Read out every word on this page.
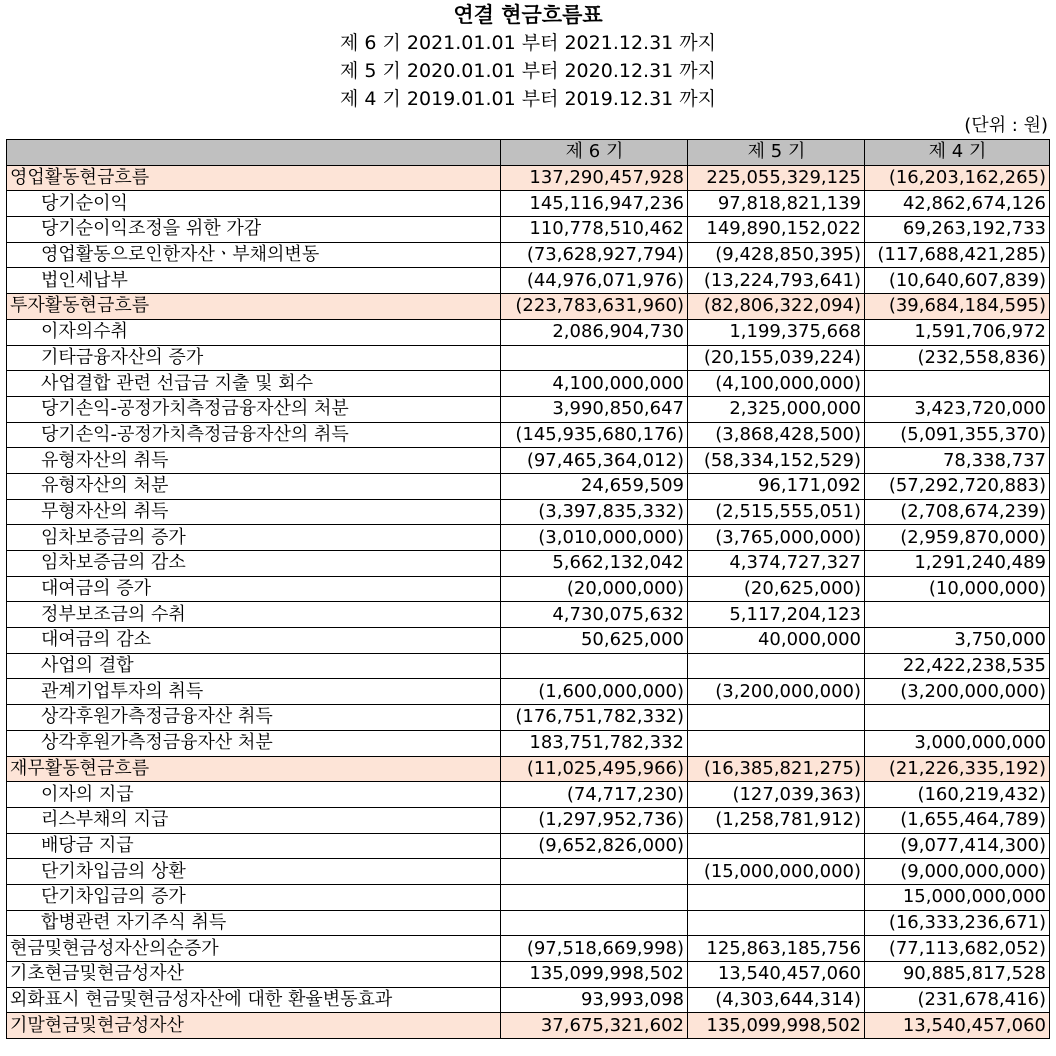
연결 현금흐름표
제 6 기 2021.01.01 부터 2021.12.31 까지
제 5 기 2020.01.01 부터 2020.12.31 까지
제 4 기 2019.01.01 부터 2019.12.31 까지
(단위 : 원)
	제 6 기	제 5 기	제 4 기
영업활동현금흐름	137,290,457,928	225,055,329,125	(16,203,162,265)
당기순이익	145,116,947,236	97,818,821,139	42,862,674,126
당기순이익조정을 위한 가감	110,778,510,462	149,890,152,022	69,263,192,733
영업활동으로인한자산ㆍ부채의변동	(73,628,927,794)	(9,428,850,395)	(117,688,421,285)
법인세납부	(44,976,071,976)	(13,224,793,641)	(10,640,607,839)
투자활동현금흐름	(223,783,631,960)	(82,806,322,094)	(39,684,184,595)
이자의수취	2,086,904,730	1,199,375,668	1,591,706,972
기타금융자산의 증가		(20,155,039,224)	(232,558,836)
사업결합 관련 선급금 지출 및 회수	4,100,000,000	(4,100,000,000)	
당기손익-공정가치측정금융자산의 처분	3,990,850,647	2,325,000,000	3,423,720,000
당기손익-공정가치측정금융자산의 취득	(145,935,680,176)	(3,868,428,500)	(5,091,355,370)
유형자산의 취득	(97,465,364,012)	(58,334,152,529)	78,338,737
유형자산의 처분	24,659,509	96,171,092	(57,292,720,883)
무형자산의 취득	(3,397,835,332)	(2,515,555,051)	(2,708,674,239)
임차보증금의 증가	(3,010,000,000)	(3,765,000,000)	(2,959,870,000)
임차보증금의 감소	5,662,132,042	4,374,727,327	1,291,240,489
대여금의 증가	(20,000,000)	(20,625,000)	(10,000,000)
정부보조금의 수취	4,730,075,632	5,117,204,123	
대여금의 감소	50,625,000	40,000,000	3,750,000
사업의 결합			22,422,238,535
관계기업투자의 취득	(1,600,000,000)	(3,200,000,000)	(3,200,000,000)
상각후원가측정금융자산 취득	(176,751,782,332)		
상각후원가측정금융자산 처분	183,751,782,332		3,000,000,000
재무활동현금흐름	(11,025,495,966)	(16,385,821,275)	(21,226,335,192)
이자의 지급	(74,717,230)	(127,039,363)	(160,219,432)
리스부채의 지급	(1,297,952,736)	(1,258,781,912)	(1,655,464,789)
배당금 지급	(9,652,826,000)		(9,077,414,300)
단기차입금의 상환		(15,000,000,000)	(9,000,000,000)
단기차입금의 증가			15,000,000,000
합병관련 자기주식 취득			(16,333,236,671)
현금및현금성자산의순증가	(97,518,669,998)	125,863,185,756	(77,113,682,052)
기초현금및현금성자산	135,099,998,502	13,540,457,060	90,885,817,528
외화표시 현금및현금성자산에 대한 환율변동효과	93,993,098	(4,303,644,314)	(231,678,416)
기말현금및현금성자산	37,675,321,602	135,099,998,502	13,540,457,060
